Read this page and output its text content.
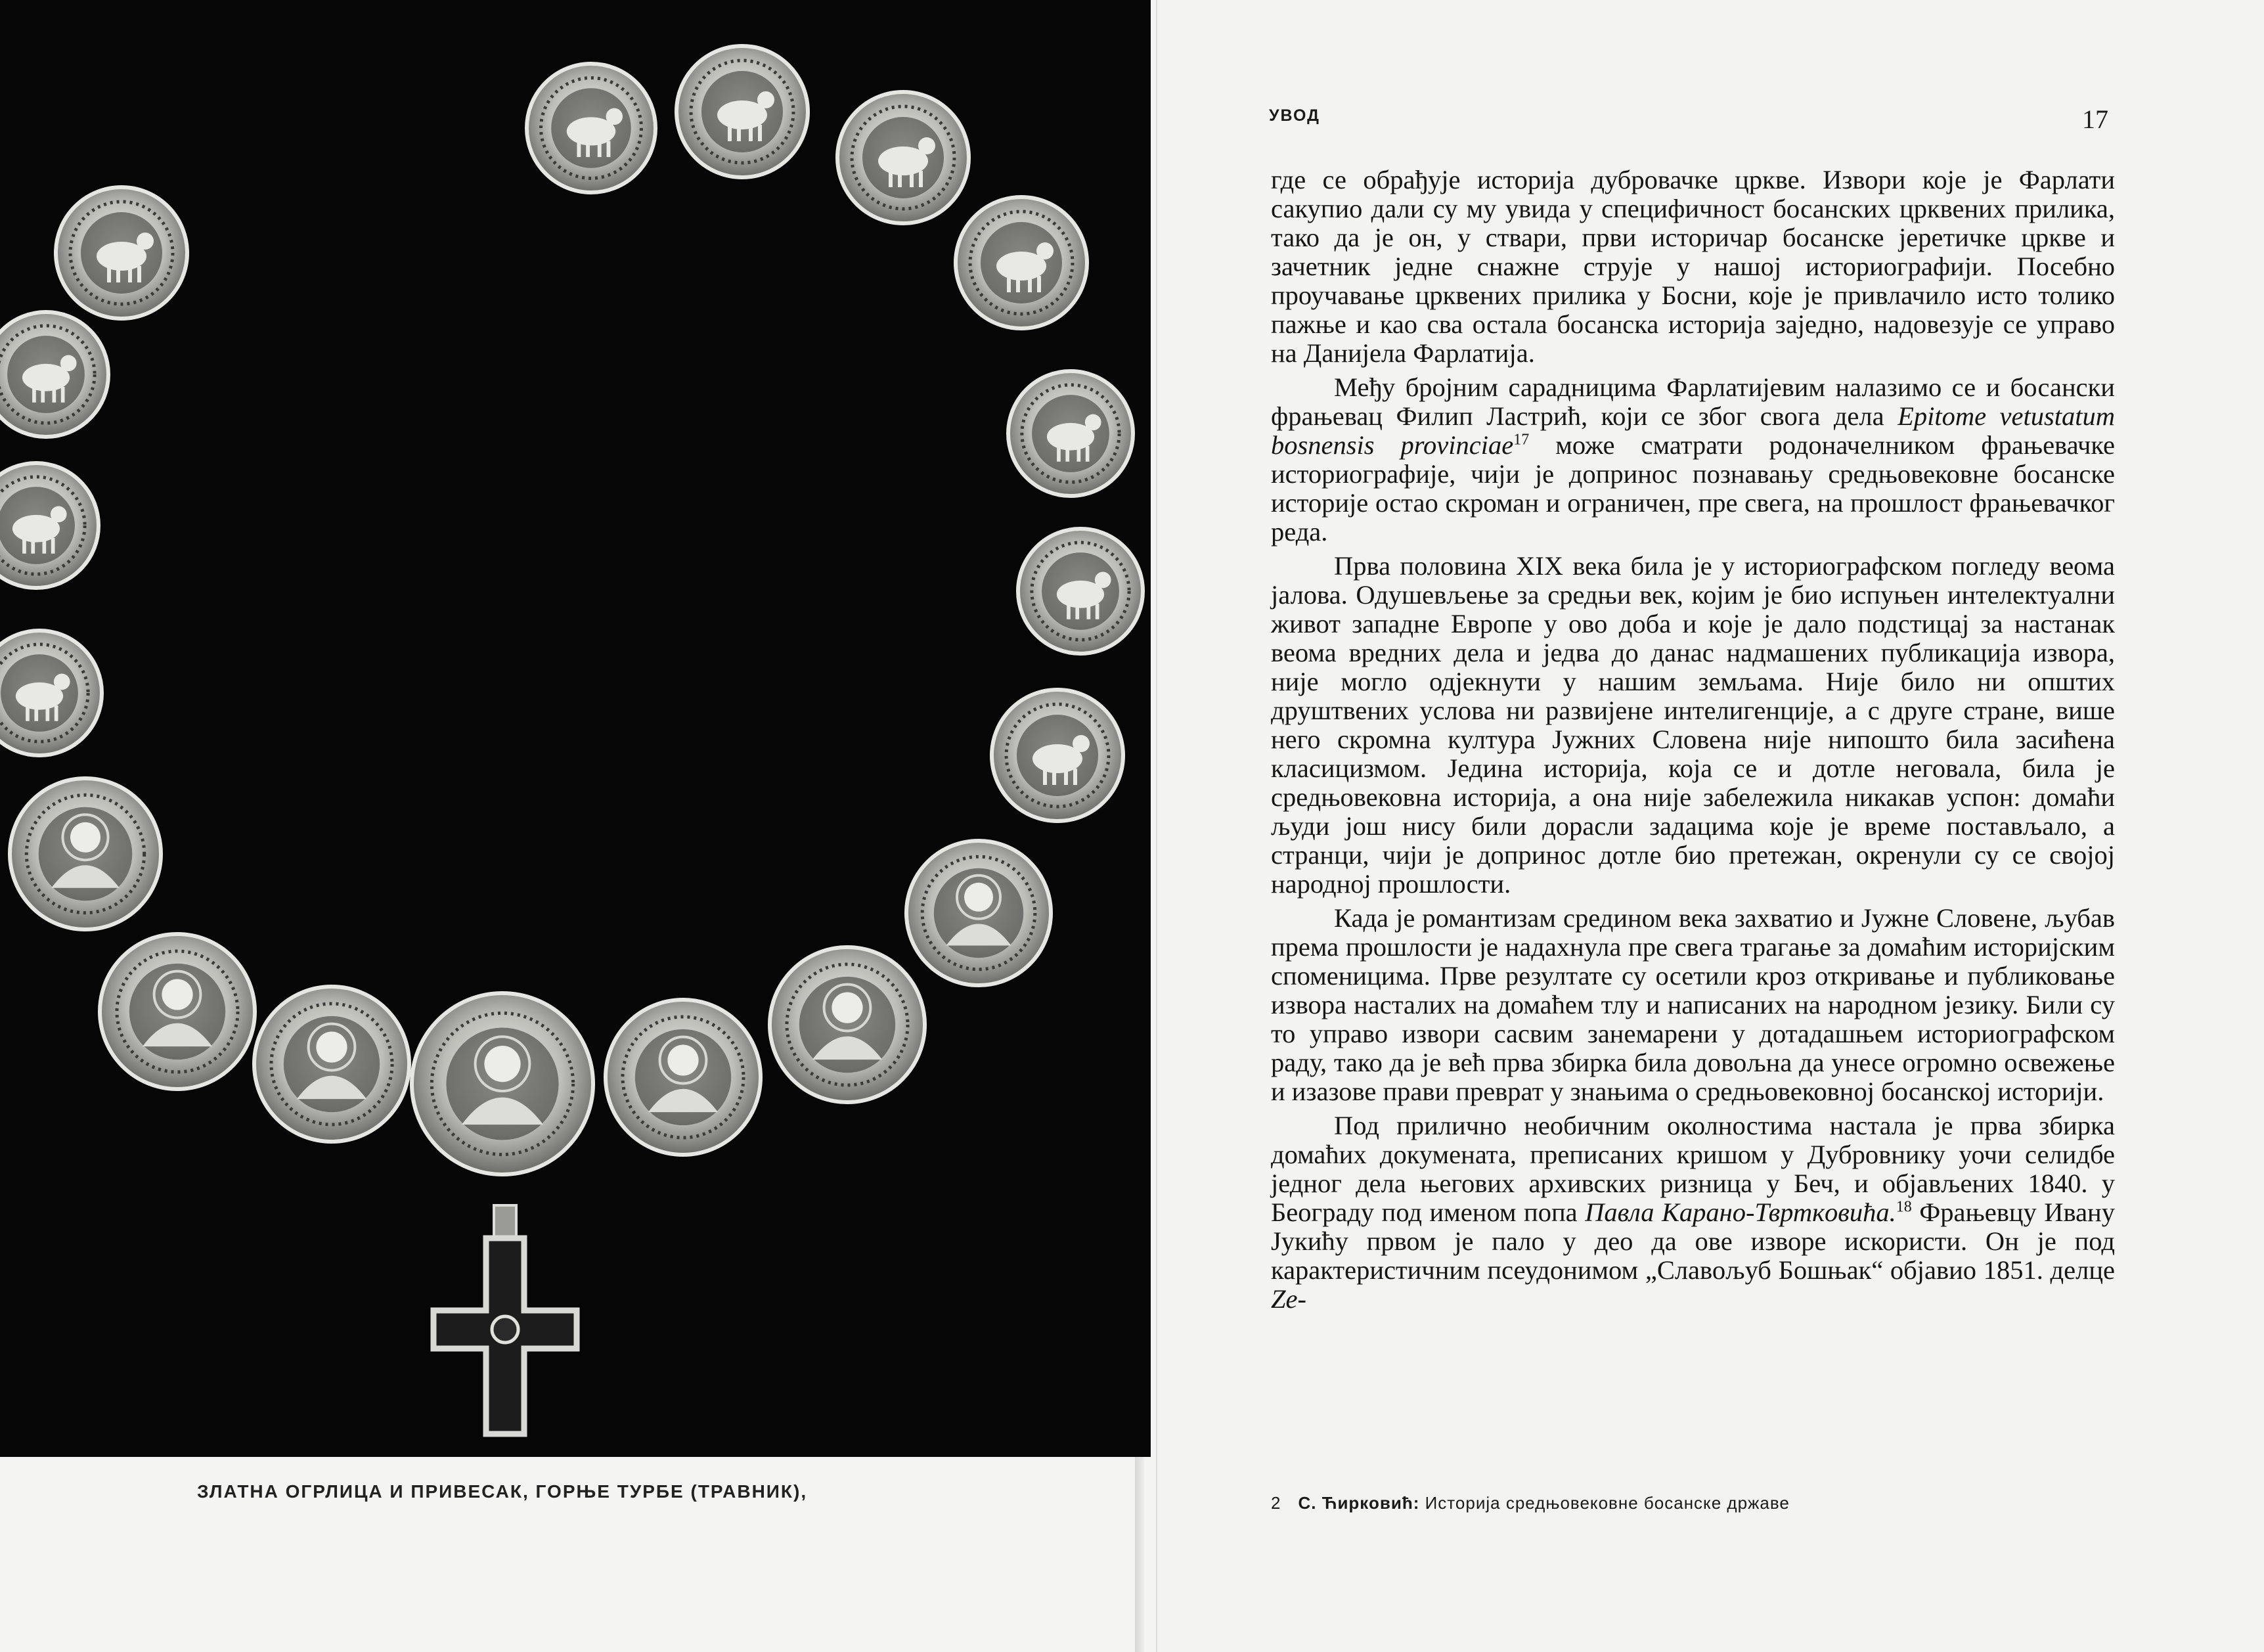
ЗЛАТНА ОГРЛИЦА И ПРИВЕСАК, ГОРЊЕ ТУРБЕ (ТРАВНИК),
УВОД	17

где се обрађује историја дубровачке цркве. Извори које је Фарлати сакупио дали су му увида у специфичност босанских црквених прилика, тако да је он, у ствари, први историчар босанске јеретичке цркве и зачетник једне снажне струје у нашој историографији. Посебно проучавање црквених прилика у Босни, које је привлачило исто толико пажње и као сва остала босанска историја заједно, надовезује се управо на Данијела Фарлатија.

Међу бројним сарадницима Фарлатијевим налазимо се и босански фрањевац Филип Ластрић, који се због свога дела Epitome vetustatum bosnensis provinciae$^{17}$ може сматрати родоначелником фрањевачке историографије, чији је допринос познавању средњовековне босанске историје остао скроман и ограничен, пре свега, на прошлост фрањевачког реда.

Прва половина XIX века била је у историографском погледу веома јалова. Одушевљење за средњи век, којим је био испуњен интелектуални живот западне Европе у ово доба и које је дало подстицај за настанак веома вредних дела и једва до данас надмашених публикација извора, није могло одјекнути у нашим земљама. Није било ни општих друштвених услова ни развијене интелигенције, а с друге стране, више него скромна култура Јужних Словена није нипошто била засићена класицизмом. Једина историја, која се и дотле неговала, била је средњовековна историја, а она није забележила никакав успон: домаћи људи још нису били дорасли задацима које је време постављало, а странци, чији је допринос дотле био претежан, окренули су се својој народној прошлости.

Када је романтизам средином века захватио и Јужне Словене, љубав према прошлости је надахнула пре свега трагање за домаћим историјским споменицима. Прве резултате су осетили кроз откривање и публиковање извора насталих на домаћем тлу и написаних на народном језику. Били су то управо извори сасвим занемарени у дотадашњем историографском раду, тако да је већ прва збирка била довољна да унесе огромно освежење и изазове прави преврат у знањима о средњовековној босанској историји.

Под прилично необичним околностима настала је прва збирка домаћих докумената, преписаних кришом у Дубровнику уочи селидбе једног дела његових архивских ризница у Беч, и објављених 1840. у Београду под именом попа Павла Карано-Тврткoвића.$^{18}$ Фрањевцу Ивану Јукићу првом је пало у део да ове изворе искористи. Он је под карактеристичним псеудонимом „Славољуб Бошњак“ објавио 1851. делце Ze-

2 С. Ћирковић: Историја средњовековне босанске државе
